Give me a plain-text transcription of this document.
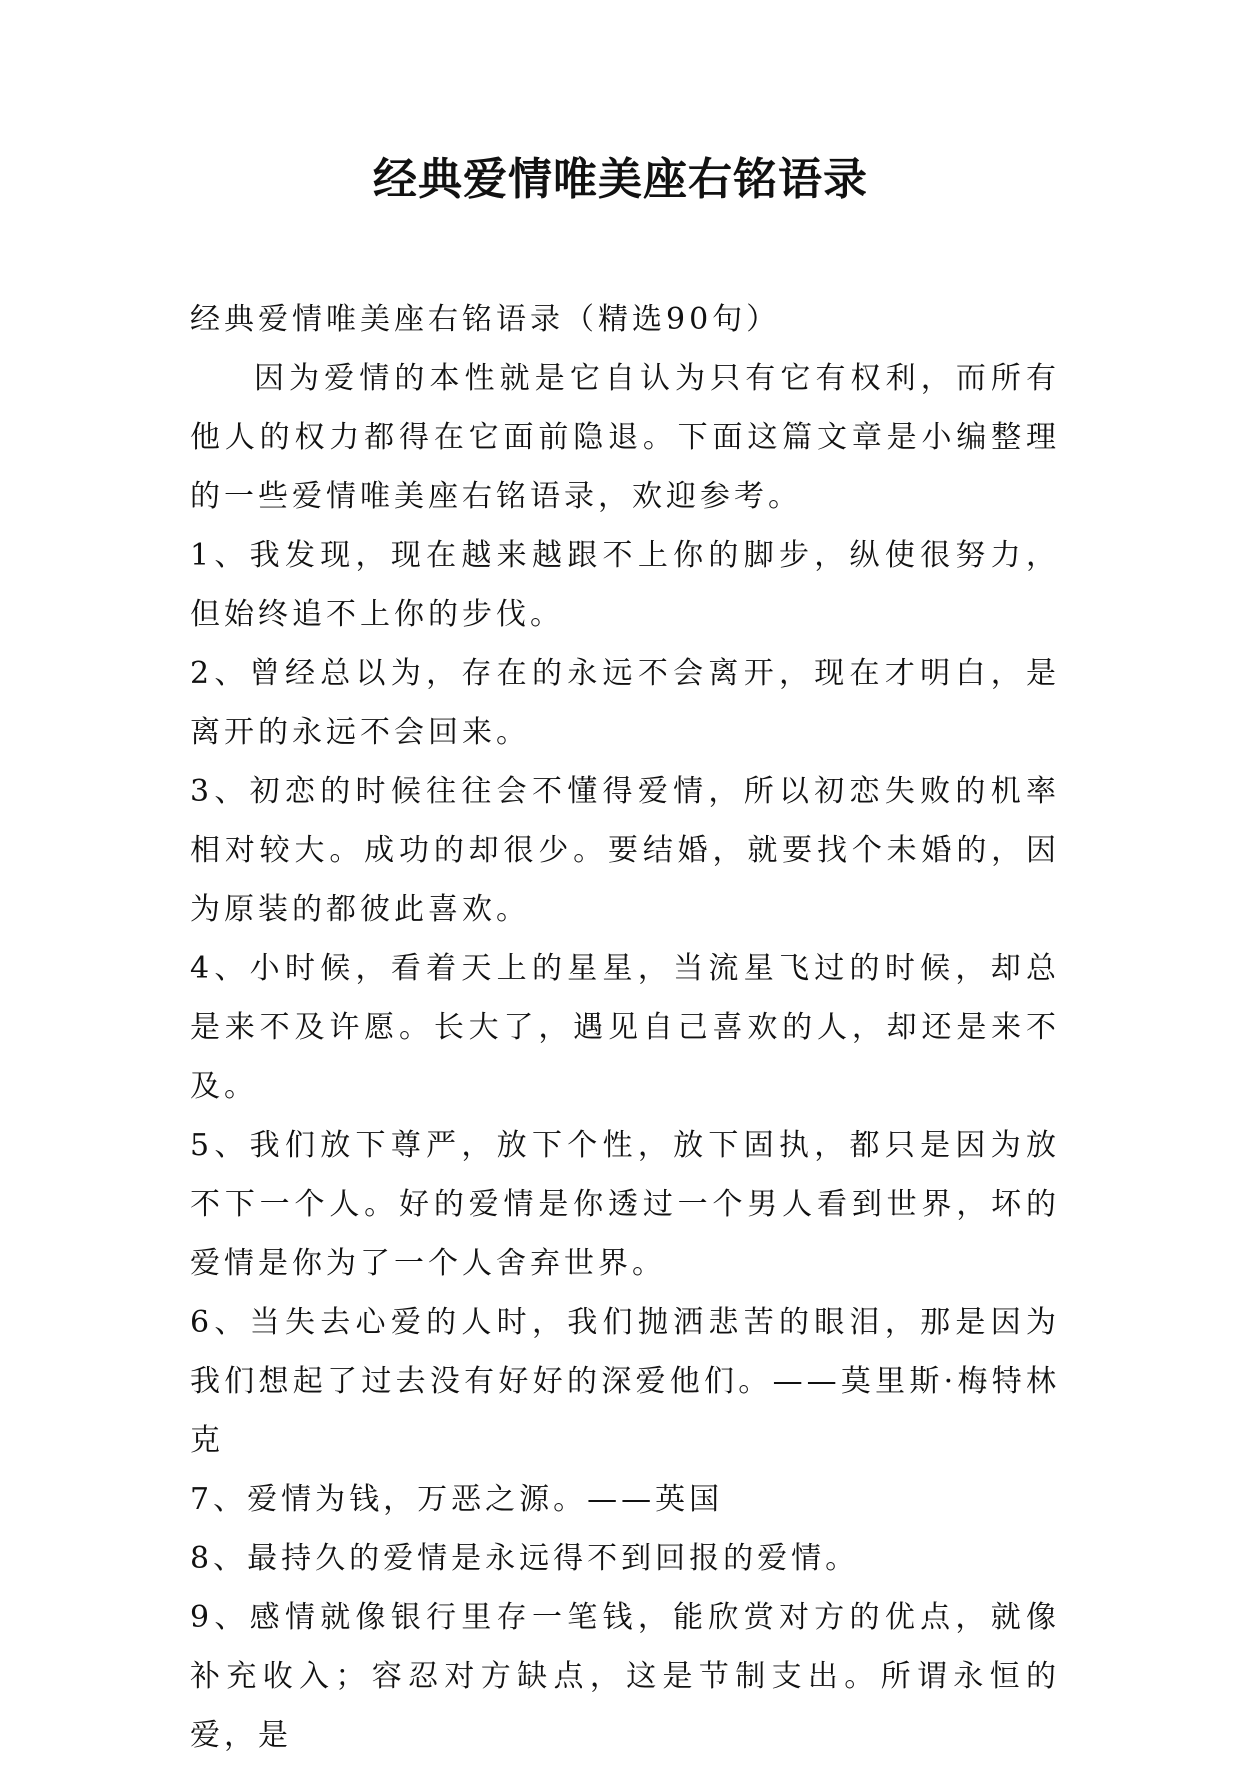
经典爱情唯美座右铭语录

经典爱情唯美座右铭语录（精选90句）

因为爱情的本性就是它自认为只有它有权利，而所有他人的权力都得在它面前隐退。下面这篇文章是小编整理的一些爱情唯美座右铭语录，欢迎参考。

1、我发现，现在越来越跟不上你的脚步，纵使很努力，但始终追不上你的步伐。

2、曾经总以为，存在的永远不会离开，现在才明白，是离开的永远不会回来。

3、初恋的时候往往会不懂得爱情，所以初恋失败的机率相对较大。成功的却很少。要结婚，就要找个未婚的，因为原装的都彼此喜欢。

4、小时候，看着天上的星星，当流星飞过的时候，却总是来不及许愿。长大了，遇见自己喜欢的人，却还是来不及。

5、我们放下尊严，放下个性，放下固执，都只是因为放不下一个人。好的爱情是你透过一个男人看到世界，坏的爱情是你为了一个人舍弃世界。

6、当失去心爱的人时，我们抛洒悲苦的眼泪，那是因为我们想起了过去没有好好的深爱他们。——莫里斯·梅特林克

7、爱情为钱，万恶之源。——英国

8、最持久的爱情是永远得不到回报的爱情。

9、感情就像银行里存一笔钱，能欣赏对方的优点，就像补充收入；容忍对方缺点，这是节制支出。所谓永恒的爱，是
